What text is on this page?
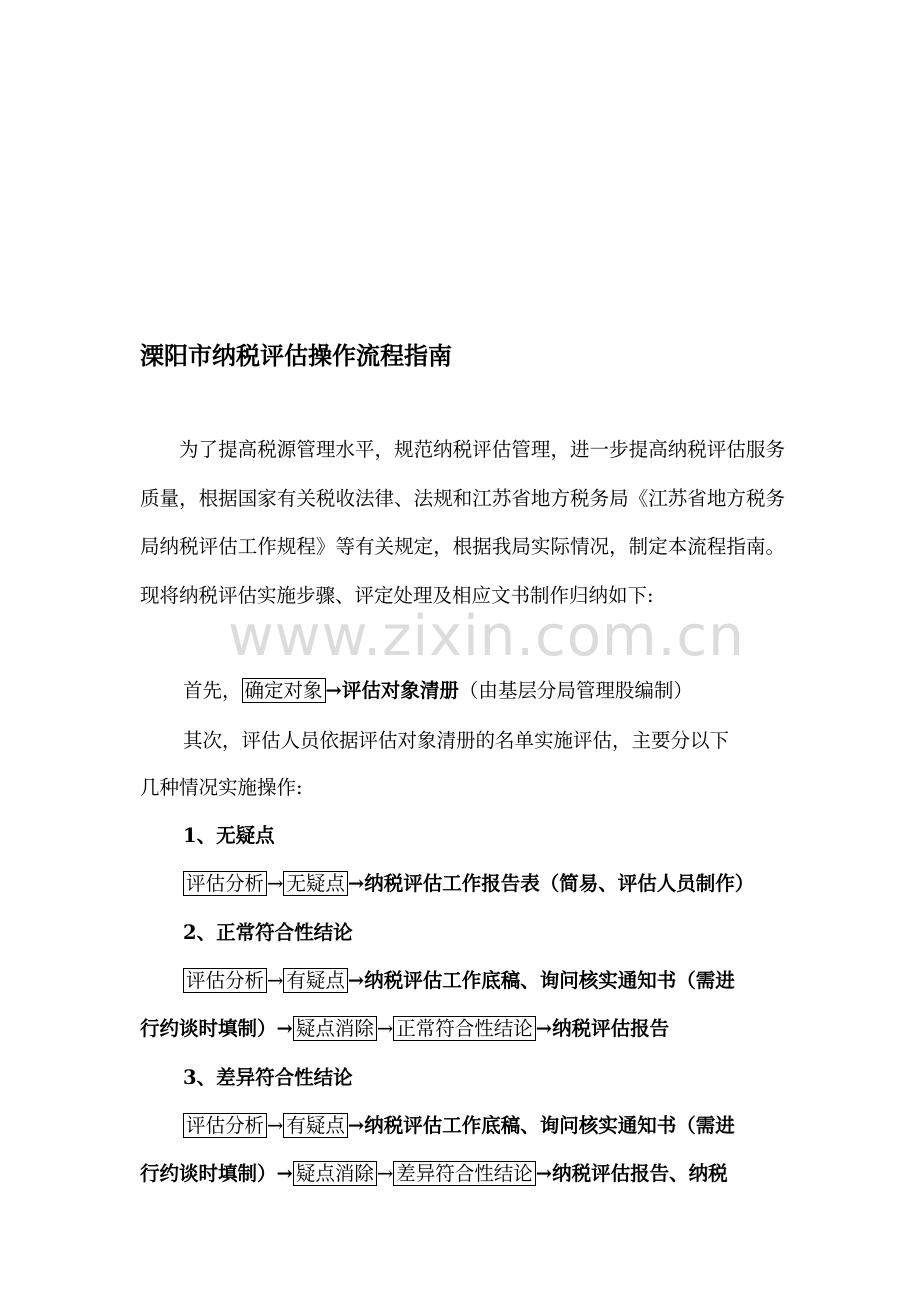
www.zixin.com.cn
溧阳市纳税评估操作流程指南
为了提高税源管理水平，规范纳税评估管理，进一步提高纳税评估服务质量，根据国家有关税收法律、法规和江苏省地方税务局《江苏省地方税务局纳税评估工作规程》等有关规定，根据我局实际情况，制定本流程指南。现将纳税评估实施步骤、评定处理及相应文书制作归纳如下:
首先， 确定对象 →评估对象清册（由基层分局管理股编制）
其次，评估人员依据评估对象清册的名单实施评估，主要分以下
几种情况实施操作:
1、无疑点
评估分析 → 无疑点 →纳税评估工作报告表（简易、评估人员制作）
2、正常符合性结论
评估分析 → 有疑点 →纳税评估工作底稿、询问核实通知书（需进
行约谈时填制）→ 疑点消除 → 正常符合性结论 →纳税评估报告
3、差异符合性结论
评估分析 → 有疑点 →纳税评估工作底稿、询问核实通知书（需进
行约谈时填制）→ 疑点消除 → 差异符合性结论 →纳税评估报告、纳税
